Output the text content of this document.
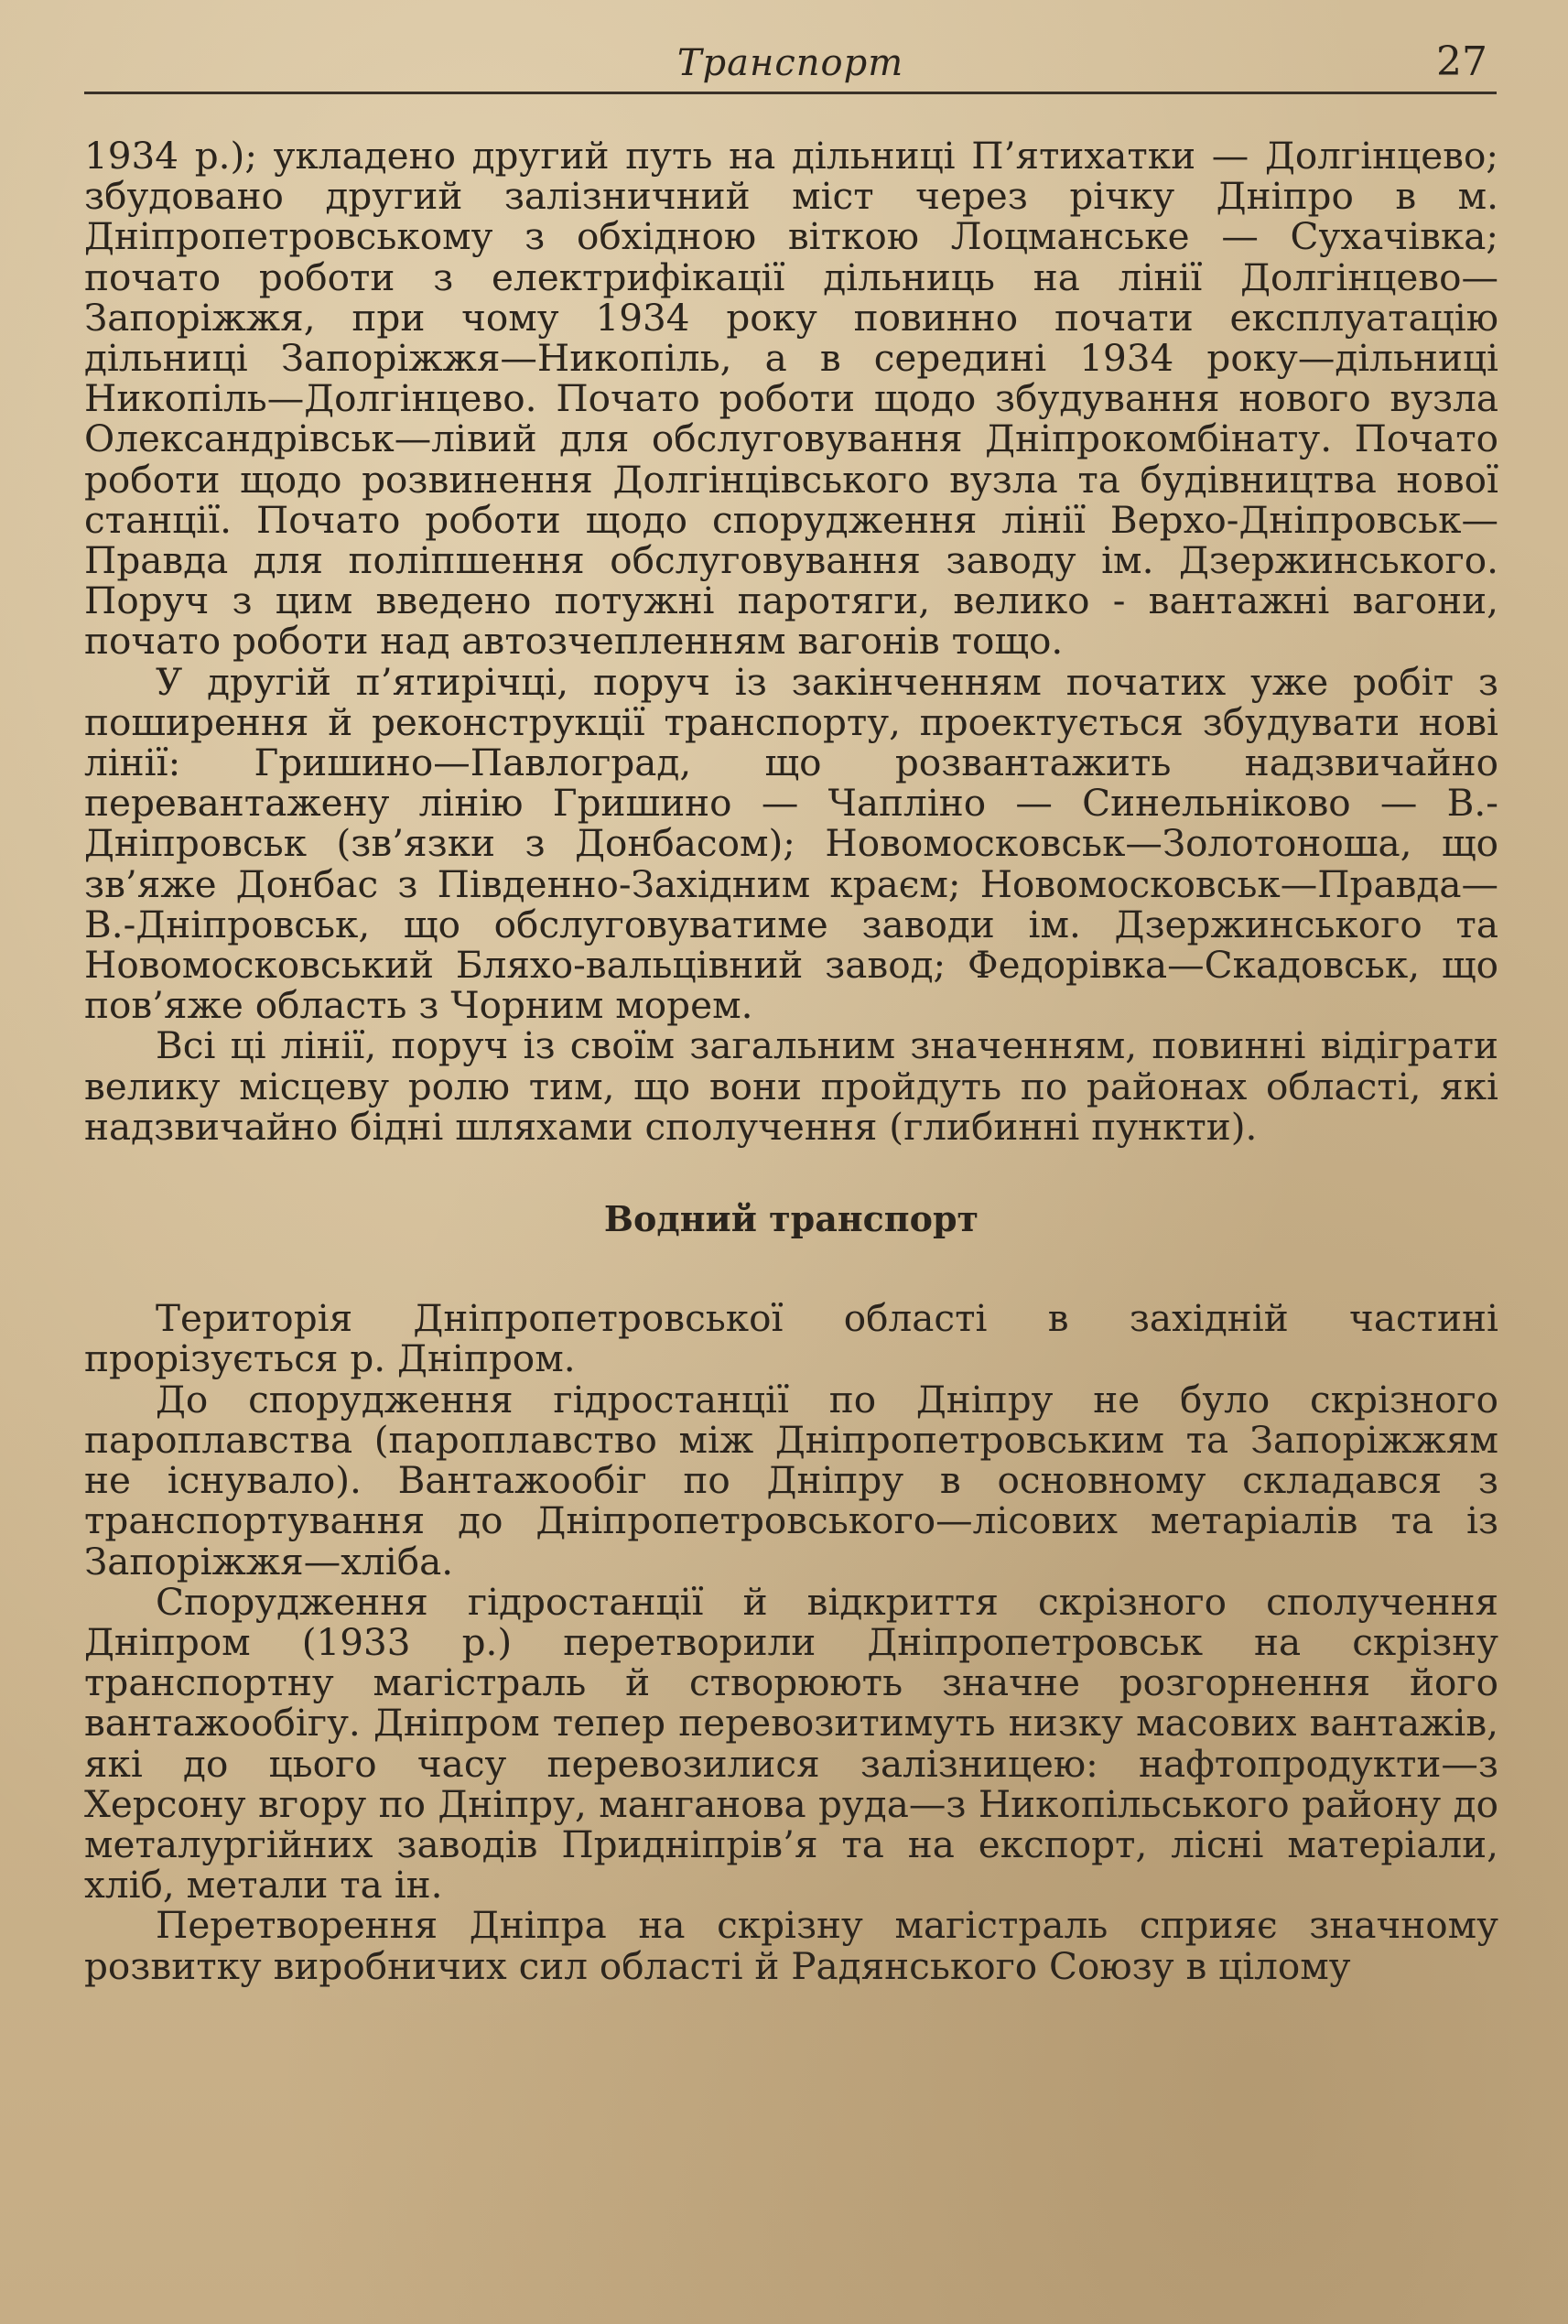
Транспорт	27

1934 р.); укладено другий путь на дільниці П’ятихатки — Долгінцево; збудовано другий залізничний міст через річку Дніпро в м. Дніпропетровському з обхідною віткою Лоцманське — Сухачівка; почато роботи з електрифікації дільниць на лінії Долгінцево—Запоріжжя, при чому 1934 року повинно почати експлуатацію дільниці Запоріжжя—Никопіль, а в середині 1934 року—дільниці Никопіль—Долгінцево. Почато роботи щодо збудування нового вузла Олександрівськ—лівий для обслуговування Дніпрокомбінату. Почато роботи щодо розвинення Долгінцівського вузла та будівництва нової станції. Почато роботи щодо спорудження лінії Верхо-Дніпровськ—Правда для поліпшення обслуговування заводу ім. Дзержинського. Поруч з цим введено потужні паротяги, велико - вантажні вагони, почато роботи над автозчепленням вагонів тощо.

У другій п’ятирічці, поруч із закінченням початих уже робіт з поширення й реконструкції транспорту, проектується збудувати нові лінії: Гришино—Павлоград, що розвантажить надзвичайно перевантажену лінію Гришино — Чапліно — Синельніково — В.-Дніпровськ (зв’язки з Донбасом); Новомосковськ—Золотоноша, що зв’яже Донбас з Південно-Західним краєм; Новомосковськ—Правда—В.-Дніпровськ, що обслуговуватиме заводи ім. Дзержинського та Новомосковський Бляхо-вальцівний завод; Федорівка—Скадовськ, що пов’яже область з Чорним морем.

Всі ці лінії, поруч із своїм загальним значенням, повинні відіграти велику місцеву ролю тим, що вони пройдуть по районах області, які надзвичайно бідні шляхами сполучення (глибинні пункти).

Водний транспорт

Територія Дніпропетровської області в західній частині прорізується р. Дніпром.

До спорудження гідростанції по Дніпру не було скрізного пароплавства (пароплавство між Дніпропетровським та Запоріжжям не існувало). Вантажообіг по Дніпру в основному складався з транспортування до Дніпропетровського—лісових метаріалів та із Запоріжжя—хліба.

Спорудження гідростанції й відкриття скрізного сполучення Дніпром (1933 р.) перетворили Дніпропетровськ на скрізну транспортну магістраль й створюють значне розгорнення його вантажообігу. Дніпром тепер перевозитимуть низку масових вантажів, які до цього часу перевозилися залізницею: нафтопродукти—з Херсону вгору по Дніпру, манганова руда—з Никопільського району до металургійних заводів Придніпрів’я та на експорт, лісні матеріали, хліб, метали та ін.

Перетворення Дніпра на скрізну магістраль сприяє значному розвитку виробничих сил області й Радянського Союзу в цілому
